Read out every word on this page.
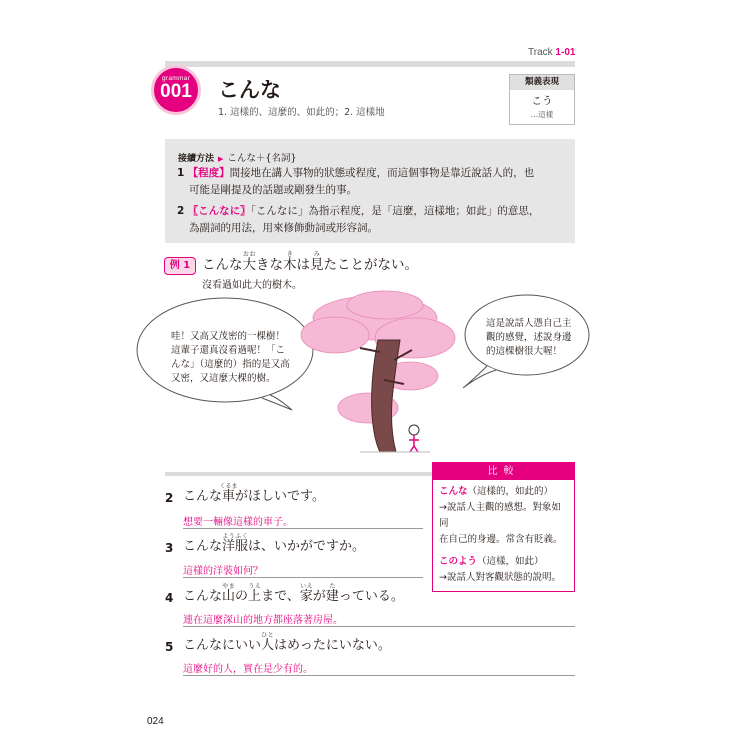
Track 1-01
grammar
001 こんな
1. 這樣的、這麼的、如此的；2. 這樣地
類義表現
こう
…這樣
接續方法 ▶ こんな＋{名詞}
1 【程度】間接地在講人事物的狀態或程度，而這個事物是靠近說話人的，也
可能是剛提及的話題或剛發生的事。
2 〖こんなに〗「こんなに」為指示程度，是「這麼，這樣地；如此」的意思，
為副詞的用法，用來修飾動詞或形容詞。
例 1 こんな大おおきな木きは見みたことがない。
沒看過如此大的樹木。
哇！又高又茂密的一棵樹！
這輩子還真沒看過呢！「こ
んな」（這麼的）指的是又高
又密，又這麼大棵的樹。
這是說話人憑自己主
觀的感覺，述說身邊
的這棵樹很大喔！
比較
こんな（這樣的，如此的）
→說話人主觀的感想。對象如同
在自己的身邊。常含有貶義。
このよう（這樣，如此）
→說話人對客觀狀態的說明。
2 こんな車くるまがほしいです。
想要一輛像這樣的車子。
3 こんな洋服ようふくは、いかがですか。
這樣的洋裝如何？
4 こんな山やまの上うえまで、家いえが建たっている。
連在這麼深山的地方都座落著房屋。
5 こんなにいい人ひとはめったにいない。
這麼好的人，實在是少有的。
024
